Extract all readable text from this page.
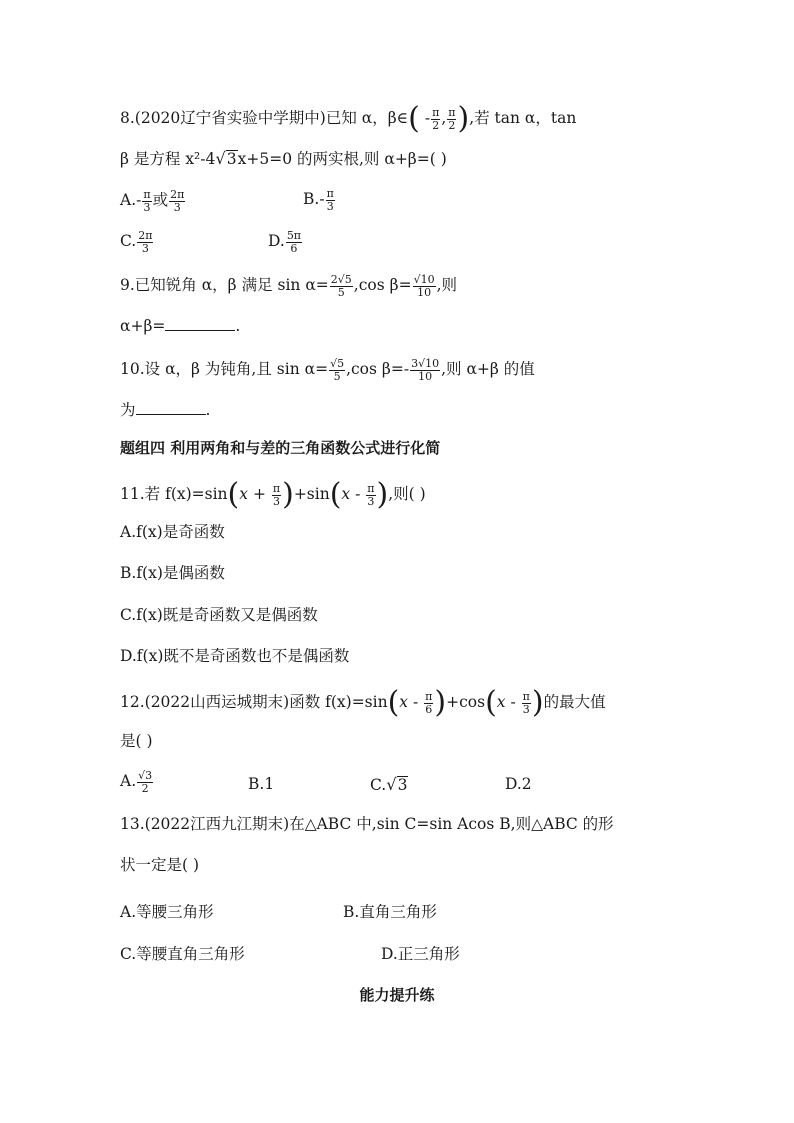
8.(2020辽宁省实验中学期中)已知 α，β∈( - $\frac{\pi}{2}$ , $\frac{\pi}{2}$ ),若 tan α，tan
β 是方程 x²-4√3x+5=0 的两实根,则 α+β=( )
$A.- \frac{\pi}{3}$ 或 $\frac{2\pi}{3}$	$B.- \frac{\pi}{3}$
C. $\frac{2\pi}{3}$	D. $\frac{5\pi}{6}$
9.已知锐角 α，β 满足 $\sin \alpha= \frac{2√5}{5} ,\cos$ $\beta= \frac{√10}{10}$ ,则
α+β=	.
10.设 α，β 为钝角,且 $\sin \alpha= \frac{√5}{5} ,\cos$ $\beta=- \frac{3√10}{10}$ ,则 α+β 的值
为	.
题组四 利用两角和与差的三角函数公式进行化简
11.若 $f(x)=\sin(x + \frac{\pi}{3} )+\sin(x - \frac{\pi}{3}$ ),则( )
A.f(x)是奇函数
B.f(x)是偶函数
C.f(x)既是奇函数又是偶函数
D.f(x)既不是奇函数也不是偶函数
12.(2022山西运城期末)函数 $f(x)=\sin(x - \frac{\pi}{6} )+\cos(x - \frac{\pi}{3}$ )的最大值
是( )
A. $\frac{√3}{2}$	B.1	C.√3	D.2
13.(2022江西九江期末)在△ABC 中,sin C=sin Acos B,则△ABC 的形
状一定是( )
A.等腰三角形	B.直角三角形
C.等腰直角三角形	D.正三角形
能力提升练
